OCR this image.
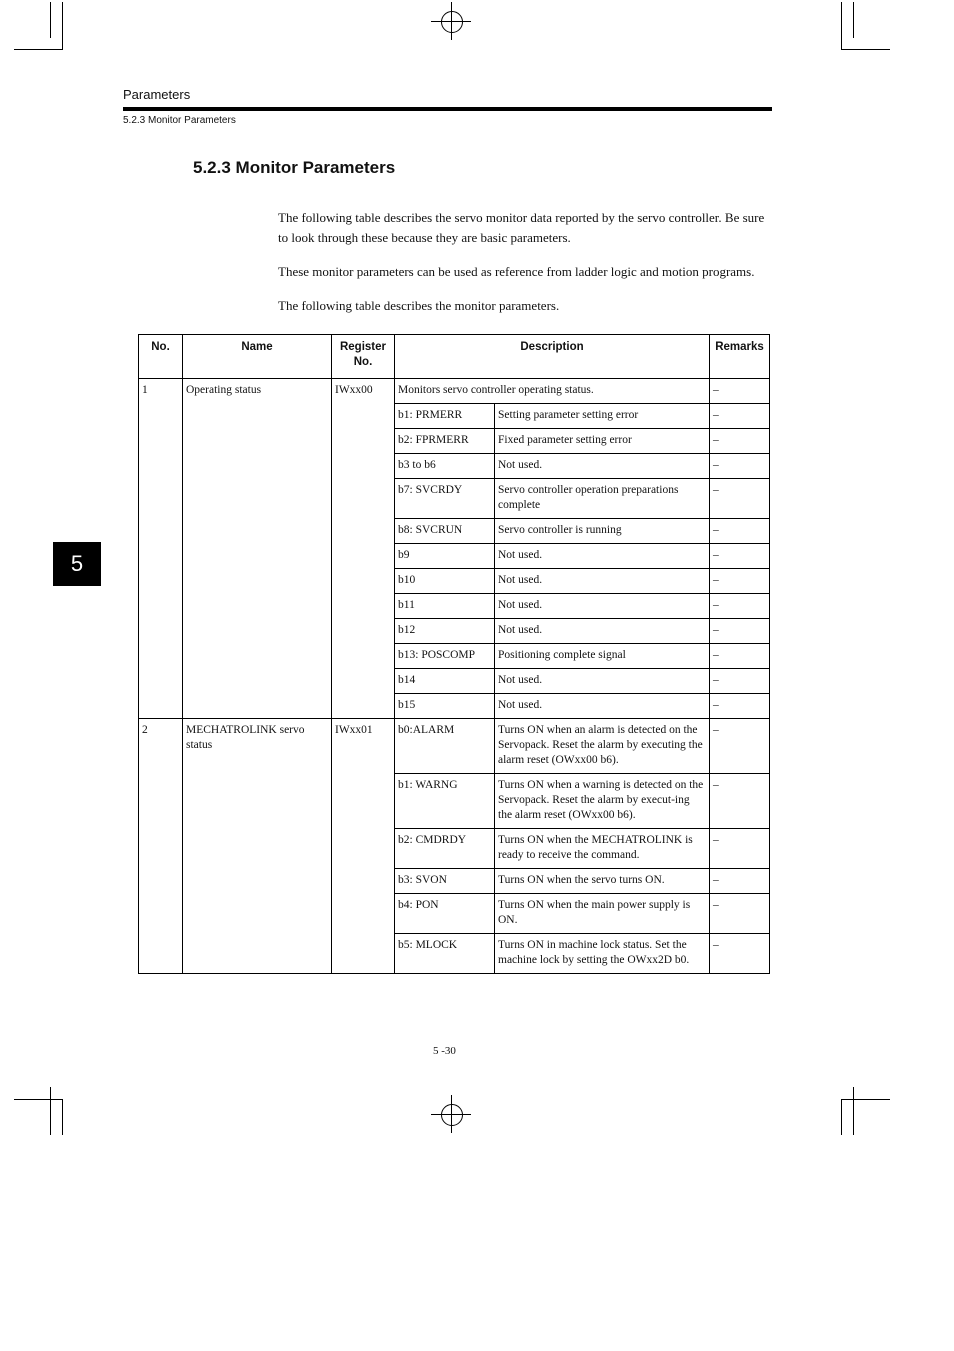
Parameters
5.2.3 Monitor Parameters
5.2.3 Monitor Parameters
The following table describes the servo monitor data reported by the servo controller. Be sure to look through these because they are basic parameters.
These monitor parameters can be used as reference from ladder logic and motion programs.
The following table describes the monitor parameters.
5
No.	Name	Register No.	Description		Remarks
1	Operating status	IWxx00	Monitors servo controller operating status.		–
			b1: PRMERR	Setting parameter setting error	–
			b2: FPRMERR	Fixed parameter setting error	–
			b3 to b6	Not used.	–
			b7: SVCRDY	Servo controller operation preparations complete	–
			b8: SVCRUN	Servo controller is running	–
			b9	Not used.	–
			b10	Not used.	–
			b11	Not used.	–
			b12	Not used.	–
			b13: POSCOMP	Positioning complete signal	–
			b14	Not used.	–
			b15	Not used.	–
2	MECHATROLINK servo status	IWxx01	b0:ALARM	Turns ON when an alarm is detected on the Servopack. Reset the alarm by executing the alarm reset (OWxx00 b6).	–
			b1: WARNG	Turns ON when a warning is detected on the Servopack. Reset the alarm by execut-ing the alarm reset (OWxx00 b6).	–
			b2: CMDRDY	Turns ON when the MECHATROLINK is ready to receive the command.	–
			b3: SVON	Turns ON when the servo turns ON.	–
			b4: PON	Turns ON when the main power supply is ON.	–
			b5: MLOCK	Turns ON in machine lock status. Set the machine lock by setting the OWxx2D b0.	–
5 -30
